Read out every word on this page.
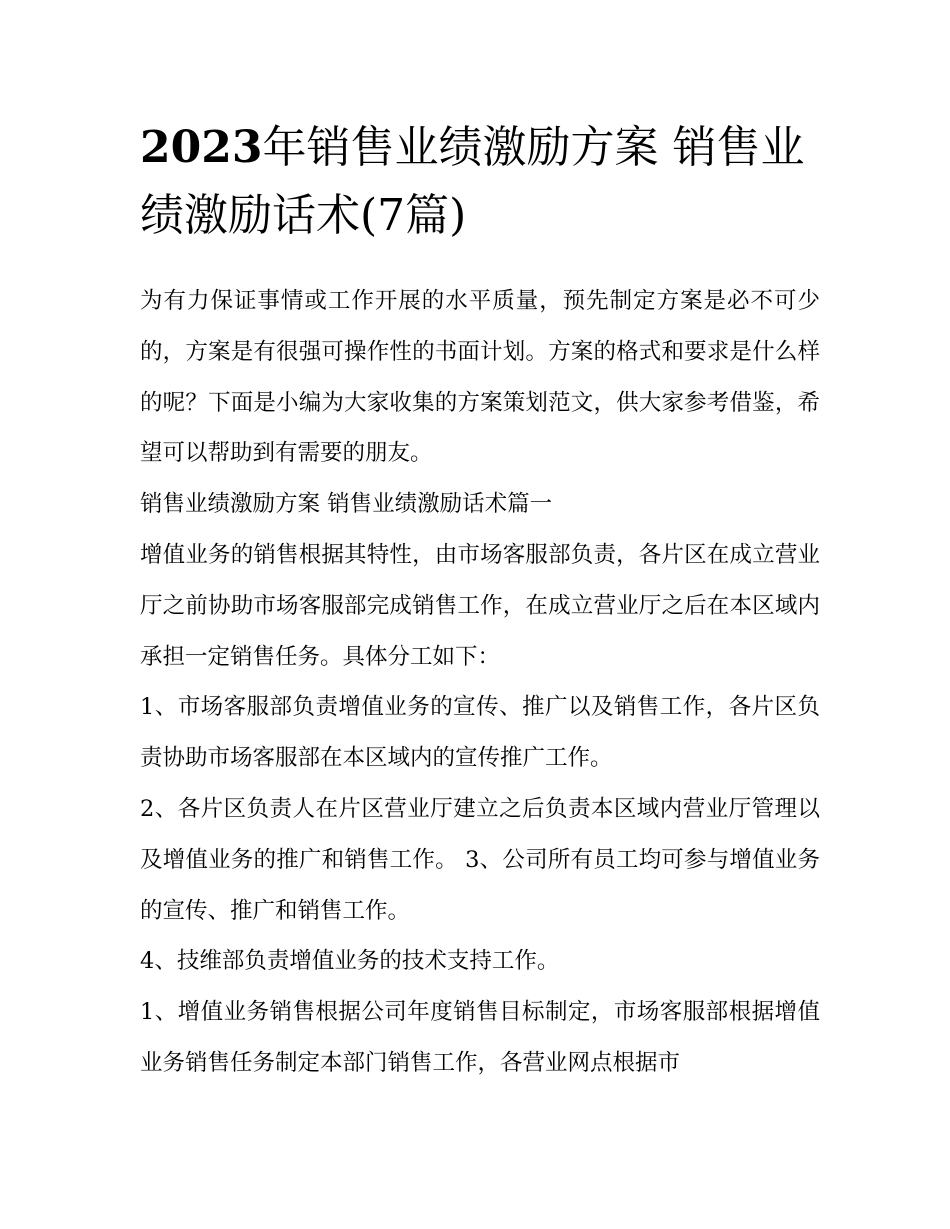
2023年销售业绩激励方案 销售业绩激励话术(7篇)

为有力保证事情或工作开展的水平质量，预先制定方案是必不可少的，方案是有很强可操作性的书面计划。方案的格式和要求是什么样的呢？下面是小编为大家收集的方案策划范文，供大家参考借鉴，希望可以帮助到有需要的朋友。

销售业绩激励方案 销售业绩激励话术篇一

增值业务的销售根据其特性，由市场客服部负责，各片区在成立营业厅之前协助市场客服部完成销售工作，在成立营业厅之后在本区域内承担一定销售任务。具体分工如下：

1、市场客服部负责增值业务的宣传、推广以及销售工作，各片区负责协助市场客服部在本区域内的宣传推广工作。

2、各片区负责人在片区营业厅建立之后负责本区域内营业厅管理以及增值业务的推广和销售工作。 3、公司所有员工均可参与增值业务的宣传、推广和销售工作。

4、技维部负责增值业务的技术支持工作。

1、增值业务销售根据公司年度销售目标制定，市场客服部根据增值业务销售任务制定本部门销售工作，各营业网点根据市
